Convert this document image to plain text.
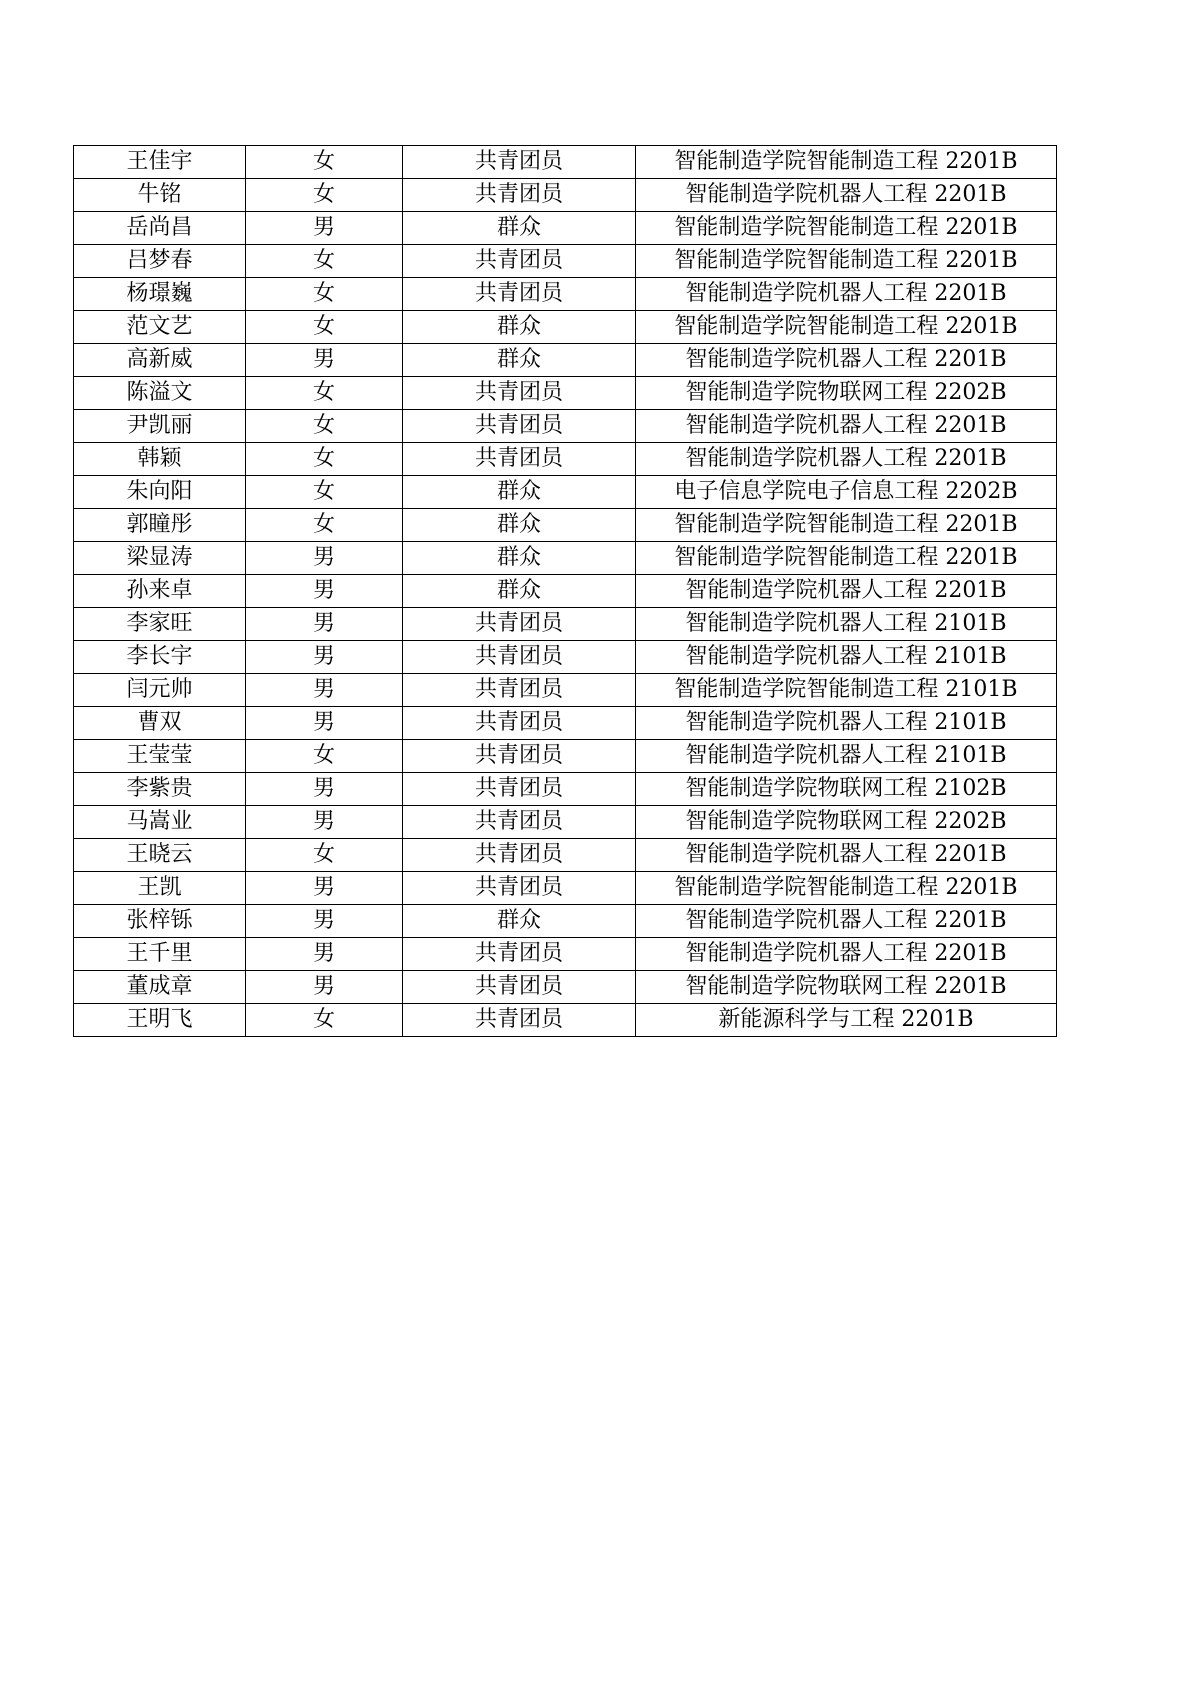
王佳宇	女	共青团员	智能制造学院智能制造工程 2201B
牛铭	女	共青团员	智能制造学院机器人工程 2201B
岳尚昌	男	群众	智能制造学院智能制造工程 2201B
吕梦春	女	共青团员	智能制造学院智能制造工程 2201B
杨璟巍	女	共青团员	智能制造学院机器人工程 2201B
范文艺	女	群众	智能制造学院智能制造工程 2201B
高新威	男	群众	智能制造学院机器人工程 2201B
陈溢文	女	共青团员	智能制造学院物联网工程 2202B
尹凯丽	女	共青团员	智能制造学院机器人工程 2201B
韩颖	女	共青团员	智能制造学院机器人工程 2201B
朱向阳	女	群众	电子信息学院电子信息工程 2202B
郭瞳彤	女	群众	智能制造学院智能制造工程 2201B
梁显涛	男	群众	智能制造学院智能制造工程 2201B
孙来卓	男	群众	智能制造学院机器人工程 2201B
李家旺	男	共青团员	智能制造学院机器人工程 2101B
李长宇	男	共青团员	智能制造学院机器人工程 2101B
闫元帅	男	共青团员	智能制造学院智能制造工程 2101B
曹双	男	共青团员	智能制造学院机器人工程 2101B
王莹莹	女	共青团员	智能制造学院机器人工程 2101B
李紫贵	男	共青团员	智能制造学院物联网工程 2102B
马嵩业	男	共青团员	智能制造学院物联网工程 2202B
王晓云	女	共青团员	智能制造学院机器人工程 2201B
王凯	男	共青团员	智能制造学院智能制造工程 2201B
张梓铄	男	群众	智能制造学院机器人工程 2201B
王千里	男	共青团员	智能制造学院机器人工程 2201B
董成章	男	共青团员	智能制造学院物联网工程 2201B
王明飞	女	共青团员	新能源科学与工程 2201B
